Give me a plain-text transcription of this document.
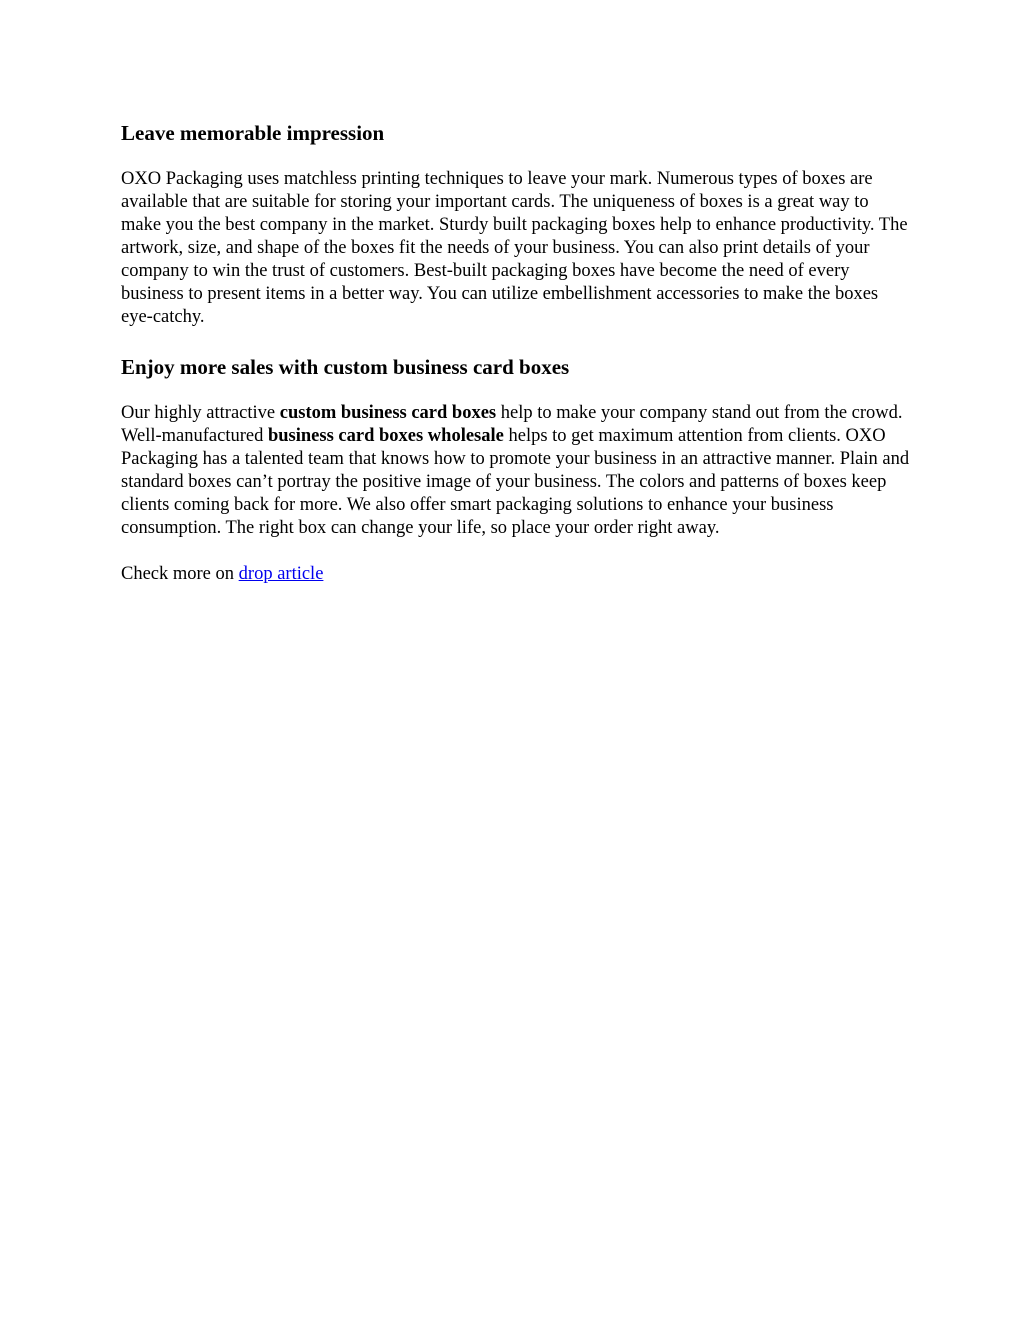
Leave memorable impression

OXO Packaging uses matchless printing techniques to leave your mark. Numerous types of boxes are available that are suitable for storing your important cards. The uniqueness of boxes is a great way to make you the best company in the market. Sturdy built packaging boxes help to enhance productivity. The artwork, size, and shape of the boxes fit the needs of your business. You can also print details of your company to win the trust of customers. Best-built packaging boxes have become the need of every business to present items in a better way. You can utilize embellishment accessories to make the boxes eye-catchy.

Enjoy more sales with custom business card boxes

Our highly attractive custom business card boxes help to make your company stand out from the crowd. Well-manufactured business card boxes wholesale helps to get maximum attention from clients. OXO Packaging has a talented team that knows how to promote your business in an attractive manner. Plain and standard boxes can’t portray the positive image of your business. The colors and patterns of boxes keep clients coming back for more. We also offer smart packaging solutions to enhance your business consumption. The right box can change your life, so place your order right away.

Check more on drop article
